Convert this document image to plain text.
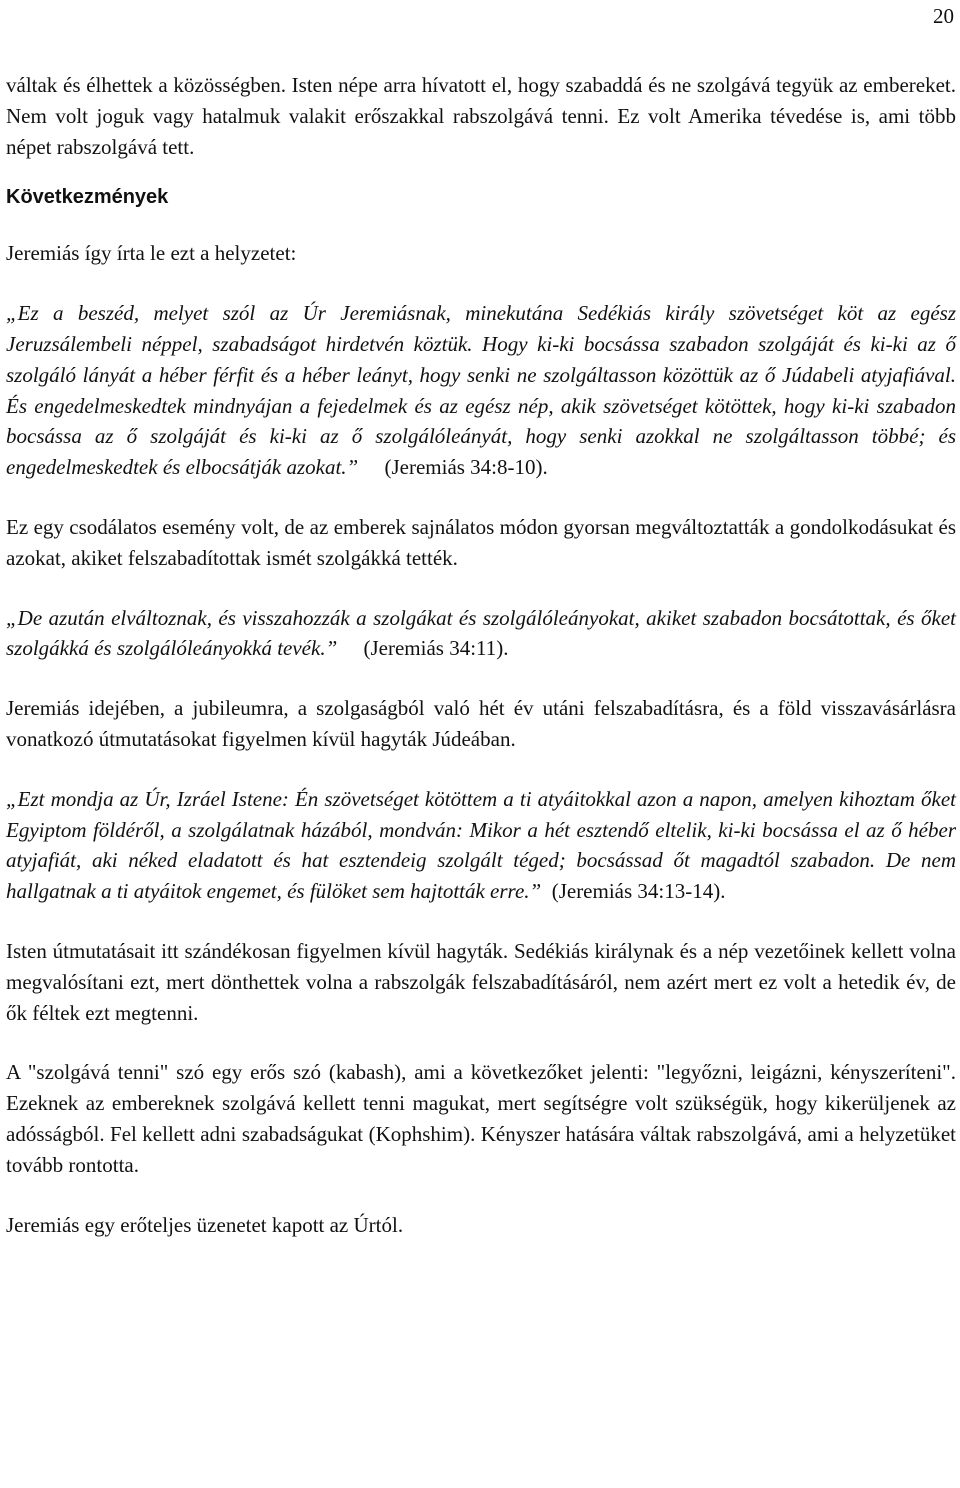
20

váltak és élhettek a közösségben. Isten népe arra hívatott el, hogy szabaddá és ne szolgává tegyük az embereket. Nem volt joguk vagy hatalmuk valakit erőszakkal rabszolgává tenni. Ez volt Amerika tévedése is, ami több népet rabszolgává tett.

Következmények

Jeremiás így írta le ezt a helyzetet:

„Ez a beszéd, melyet szól az Úr Jeremiásnak, minekutána Sedékiás király szövetséget köt az egész Jeruzsálembeli néppel, szabadságot hirdetvén köztük. Hogy ki-ki bocsássa szabadon szolgáját és ki-ki az ő szolgáló lányát a héber férfit és a héber leányt, hogy senki ne szolgáltasson közöttük az ő Júdabeli atyjafiával. És engedelmeskedtek mindnyájan a fejedelmek és az egész nép, akik szövetséget kötöttek, hogy ki-ki szabadon bocsássa az ő szolgáját és ki-ki az ő szolgálóleányát, hogy senki azokkal ne szolgáltasson többé; és engedelmeskedtek és elbocsátják azokat.” (Jeremiás 34:8-10).

Ez egy csodálatos esemény volt, de az emberek sajnálatos módon gyorsan megváltoztatták a gondolkodásukat és azokat, akiket felszabadítottak ismét szolgákká tették.

„De azután elváltoznak, és visszahozzák a szolgákat és szolgálóleányokat, akiket szabadon bocsátottak, és őket szolgákká és szolgálóleányokká tevék.” (Jeremiás 34:11).

Jeremiás idejében, a jubileumra, a szolgaságból való hét év utáni felszabadításra, és a föld visszavásárlásra vonatkozó útmutatásokat figyelmen kívül hagyták Júdeában.

„Ezt mondja az Úr, Izráel Istene: Én szövetséget kötöttem a ti atyáitokkal azon a napon, amelyen kihoztam őket Egyiptom földéről, a szolgálatnak házából, mondván: Mikor a hét esztendő eltelik, ki-ki bocsássa el az ő héber atyjafiát, aki néked eladatott és hat esztendeig szolgált téged; bocsássad őt magadtól szabadon. De nem hallgatnak a ti atyáitok engemet, és fülöket sem hajtották erre.” (Jeremiás 34:13-14).

Isten útmutatásait itt szándékosan figyelmen kívül hagyták. Sedékiás királynak és a nép vezetőinek kellett volna megvalósítani ezt, mert dönthettek volna a rabszolgák felszabadításáról, nem azért mert ez volt a hetedik év, de ők féltek ezt megtenni.

A "szolgává tenni" szó egy erős szó (kabash), ami a következőket jelenti: "legyőzni, leigázni, kényszeríteni". Ezeknek az embereknek szolgává kellett tenni magukat, mert segítségre volt szükségük, hogy kikerüljenek az adósságból. Fel kellett adni szabadságukat (Kophshim). Kényszer hatására váltak rabszolgává, ami a helyzetüket tovább rontotta.

Jeremiás egy erőteljes üzenetet kapott az Úrtól.
